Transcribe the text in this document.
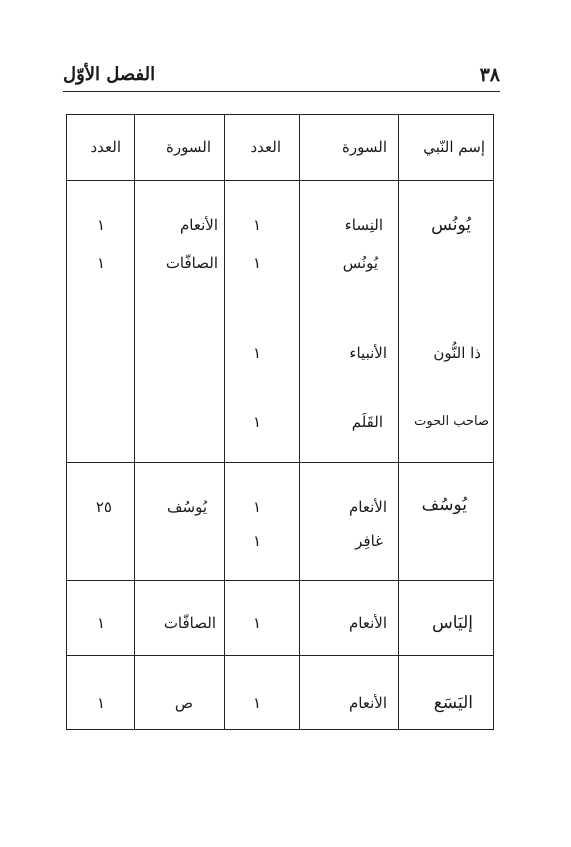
٣٨
الفصل الأوّل
إسم النّبي
السورة
العدد
السورة
العدد
يُونُس
ذا النُّون
صاحب الحوت
النِساء
يُونُس
الأنبياء
القَلَم
١
١
١
١
الأنعام
الصافّات
١
١
يُوسُف
الأنعام
غافِر
١
١
يُوسُف
٢٥
إليَاس
الأنعام
١
الصافّات
١
اليَسَع
الأنعام
١
ص
١
